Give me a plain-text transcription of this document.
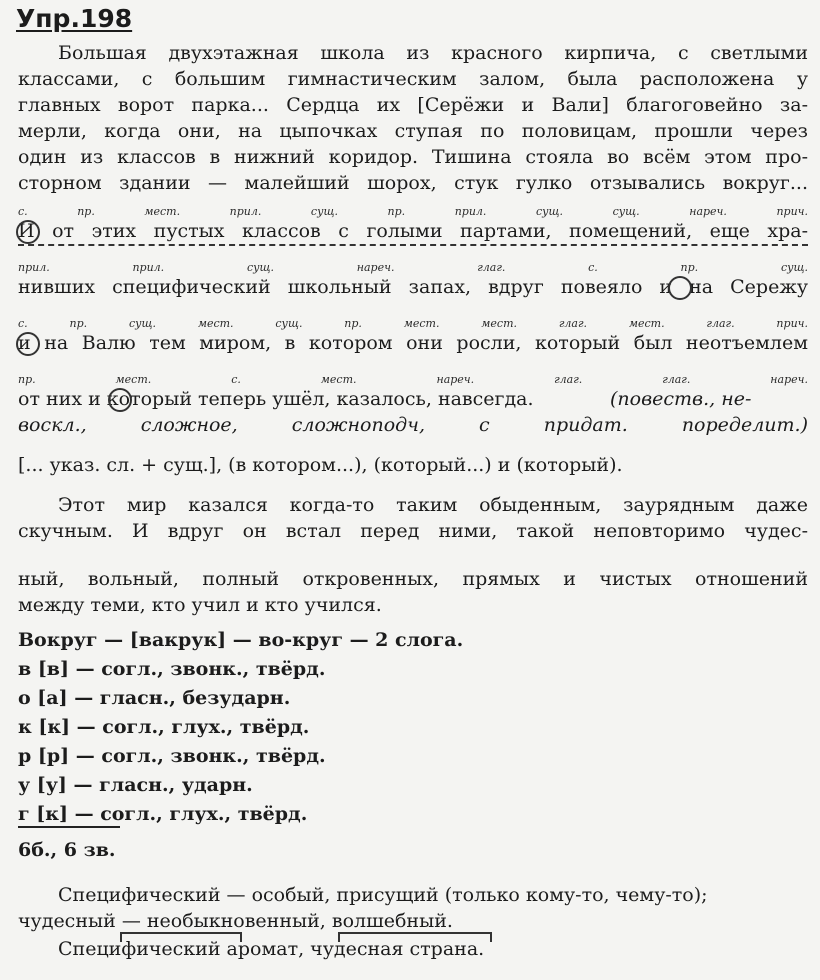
Упр.198
Большая двухэтажная школа из красного кирпича, с светлыми
классами, с большим гимнастическим залом, была расположена у
главных ворот парка... Сердца их [Серёжи и Вали] благоговейно за-
мерли, когда они, на цыпочках ступая по половицам, прошли через
один из классов в нижний коридор. Тишина стояла во всём этом про-
сторном здании — малейший шорох, стук гулко отзывались вокруг...
с. пр. мест. прил. сущ. пр. прил. сущ. сущ. нареч. прич.
И от этих пустых классов с голыми партами, помещений, еще хра-
прил. прил. сущ. нареч. глаг. с. пр. сущ.
нивших специфический школьный запах, вдруг повеяло и на Сережу
с. пр. сущ. мест. сущ. пр. мест. мест. глаг. мест. глаг. прич.
и на Валю тем миром, в котором они росли, который был неотъемлем
пр. мест. с. мест. нареч. глаг. глаг. нареч.
от них и который теперь ушёл, казалось, навсегда.	(повеств., не-
воскл., сложное, сложноподч, с придат. поределит.)
[... указ. сл. + сущ.], (в котором...), (который...) и (который).
Этот мир казался когда-то таким обыденным, заурядным даже
скучным. И вдруг он встал перед ними, такой неповторимо чудес-
ный, вольный, полный откровенных, прямых и чистых отношений
между теми, кто учил и кто учился.
Вокруг — [вакрук] — во-круг — 2 слога.
в [в] — согл., звонк., твёрд.
о [а] — гласн., безударн.
к [к] — согл., глух., твёрд.
р [р] — согл., звонк., твёрд.
у [у] — гласн., ударн.
г [к] — согл., глух., твёрд.
6б., 6 зв.
Специфический — особый, присущий (только кому-то, чему-то);
чудесный — необыкновенный, волшебный.
Специфический аромат, чудесная страна.
